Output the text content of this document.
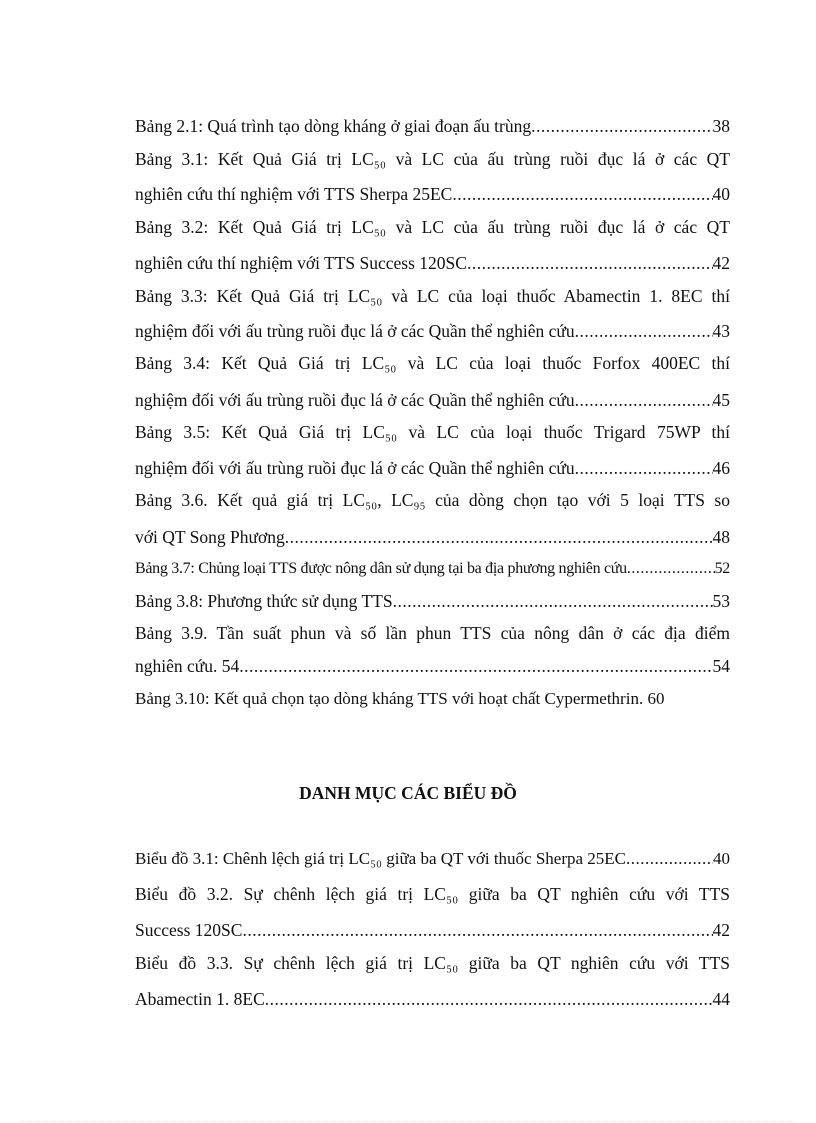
Bảng 2.1: Quá trình tạo dòng kháng ở giai đoạn ấu trùng .....	38
Bảng 3.1: Kết Quả Giá trị LC₅₀ và LC của ấu trùng ruồi đục lá ở các QT
nghiên cứu thí nghiệm với TTS Sherpa 25EC .....	40
Bảng 3.2: Kết Quả Giá trị LC₅₀ và LC của ấu trùng ruồi đục lá ở các QT
nghiên cứu thí nghiệm với TTS Success 120SC .....	42
Bảng 3.3: Kết Quả Giá trị LC₅₀ và LC của loại thuốc Abamectin 1. 8EC thí
nghiệm đối với ấu trùng ruồi đục lá ở các Quần thể nghiên cứu .....	43
Bảng 3.4: Kết Quả Giá trị LC₅₀ và LC của loại thuốc Forfox 400EC thí
nghiệm đối với ấu trùng ruồi đục lá ở các Quần thể nghiên cứu .....	45
Bảng 3.5: Kết Quả Giá trị LC₅₀ và LC của loại thuốc Trigard 75WP thí
nghiệm đối với ấu trùng ruồi đục lá ở các Quần thể nghiên cứu .....	46
Bảng 3.6. Kết quả giá trị LC₅₀, LC₉₅ của dòng chọn tạo với 5 loại TTS so
với QT Song Phương .....	48
Bảng 3.7: Chủng loại TTS được nông dân sử dụng tại ba địa phương nghiên cứu .....	52
Bảng 3.8: Phương thức sử dụng TTS .....	53
Bảng 3.9. Tần suất phun và số lần phun TTS của nông dân ở các địa điểm
nghiên cứu. 54 .....	54
Bảng 3.10: Kết quả chọn tạo dòng kháng TTS với hoạt chất Cypermethrin. 60
DANH MỤC CÁC BIỂU ĐỒ
Biểu đồ 3.1: Chênh lệch giá trị LC₅₀ giữa ba QT với thuốc Sherpa 25EC .....	40
Biểu đồ 3.2. Sự chênh lệch giá trị LC₅₀ giữa ba QT nghiên cứu với TTS
Success 120SC .....	42
Biểu đồ 3.3. Sự chênh lệch giá trị LC₅₀ giữa ba QT nghiên cứu với TTS
Abamectin 1. 8EC .....	44
